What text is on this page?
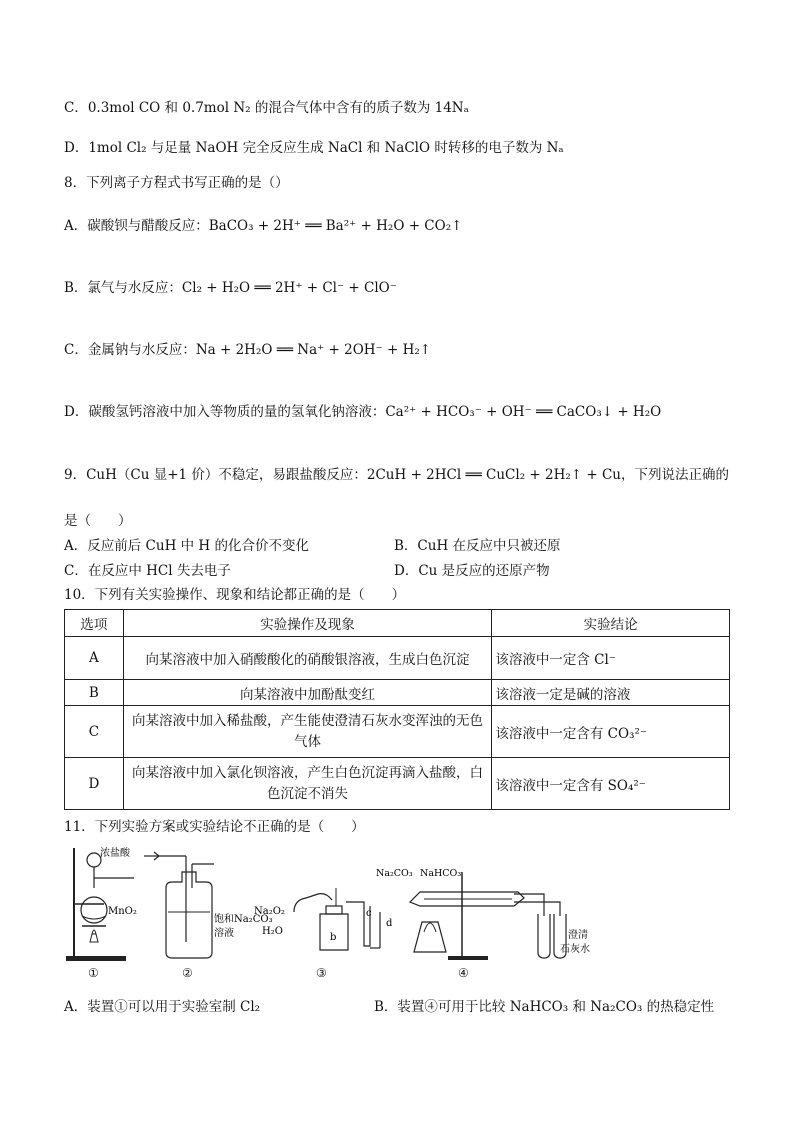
C．0.3mol CO 和 0.7mol N₂ 的混合气体中含有的质子数为 14Nₐ
D．1mol Cl₂ 与足量 NaOH 完全反应生成 NaCl 和 NaClO 时转移的电子数为 Nₐ
8．下列离子方程式书写正确的是（）
A．碳酸钡与醋酸反应：BaCO₃ + 2H⁺ ══ Ba²⁺ + H₂O + CO₂↑
B．氯气与水反应：Cl₂ + H₂O ══ 2H⁺ + Cl⁻ + ClO⁻
C．金属钠与水反应：Na + 2H₂O ══ Na⁺ + 2OH⁻ + H₂↑
D．碳酸氢钙溶液中加入等物质的量的氢氧化钠溶液：Ca²⁺ + HCO₃⁻ + OH⁻ ══ CaCO₃↓ + H₂O
9．CuH（Cu 显+1 价）不稳定，易跟盐酸反应：2CuH + 2HCl ══ CuCl₂ + 2H₂↑ + Cu，下列说法正确的
是（　　）
A．反应前后 CuH 中 H 的化合价不变化	B．CuH 在反应中只被还原
C．在反应中 HCl 失去电子	D．Cu 是反应的还原产物
10．下列有关实验操作、现象和结论都正确的是（　　）
选项	实验操作及现象	实验结论
A	向某溶液中加入硝酸酸化的硝酸银溶液，生成白色沉淀	该溶液中一定含 Cl⁻
B	向某溶液中加酚酞变红	该溶液一定是碱的溶液
C	向某溶液中加入稀盐酸，产生能使澄清石灰水变浑浊的无色气体	该溶液中一定含有 CO₃²⁻
D	向某溶液中加入氯化钡溶液，产生白色沉淀再滴入盐酸，白色沉淀不消失	该溶液中一定含有 SO₄²⁻
11．下列实验方案或实验结论不正确的是（　　）
浓盐酸
MnO₂
①
饱和Na₂CO₃
溶液
②
Na₂O₂
H₂O
b
c
d
③
Na₂CO₃ NaHCO₃
澄清
石灰水
④
A．装置①可以用于实验室制 Cl₂	B．装置④可用于比较 NaHCO₃ 和 Na₂CO₃ 的热稳定性
